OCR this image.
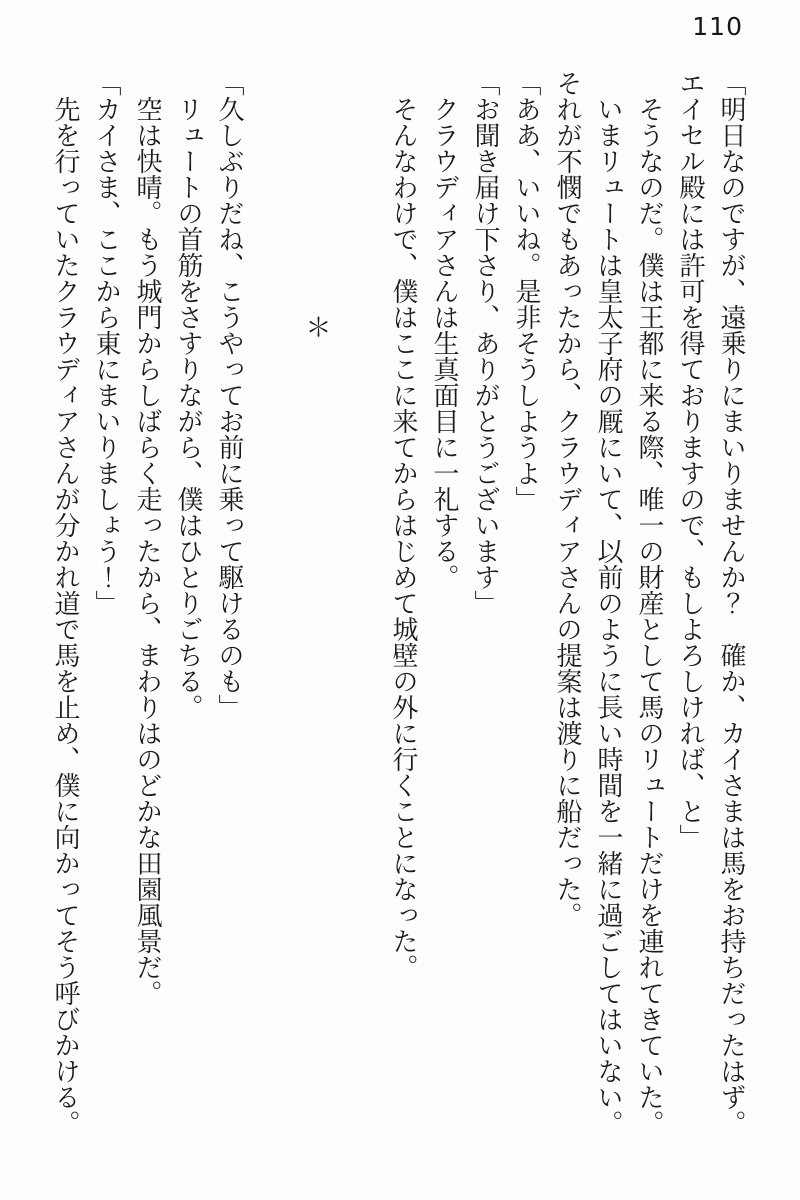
110
「明日なのですが、遠乗りにまいりませんか？　確か、カイさまは馬をお持ちだったはず。
エイセル殿には許可を得ておりますので、もしよろしければ、と」
そうなのだ。僕は王都に来る際、唯一の財産として馬のリュートだけを連れてきていた。
いまリュートは皇太子府の厩にいて、以前のように長い時間を一緒に過ごしてはいない。
それが不憫でもあったから、クラウディアさんの提案は渡りに船だった。
「ああ、いいね。是非そうしようよ」
「お聞き届け下さり、ありがとうございます」
クラウディアさんは生真面目に一礼する。
そんなわけで、僕はここに来てからはじめて城壁の外に行くことになった。
＊
「久しぶりだね、こうやってお前に乗って駆けるのも」
リュートの首筋をさすりながら、僕はひとりごちる。
空は快晴。もう城門からしばらく走ったから、まわりはのどかな田園風景だ。
「カイさま、ここから東にまいりましょう！」
先を行っていたクラウディアさんが分かれ道で馬を止め、僕に向かってそう呼びかける。
